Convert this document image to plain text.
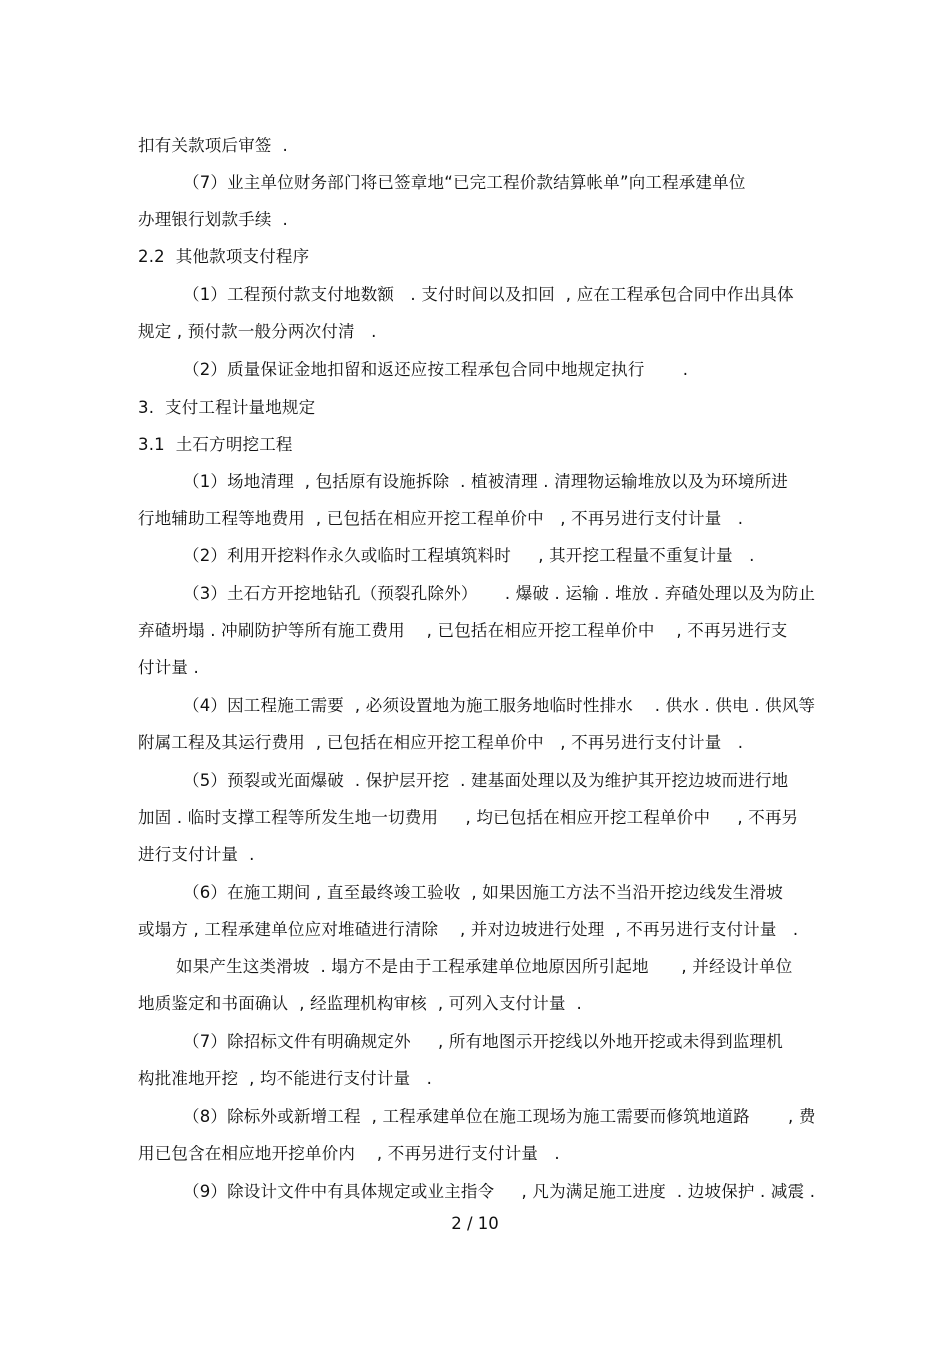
扣有关款项后审签  .
（7）业主单位财务部门将已签章地“已完工程价款结算帐单”向工程承建单位
办理银行划款手续  .
2.2  其他款项支付程序
（1）工程预付款支付地数额   . 支付时间以及扣回  , 应在工程承包合同中作出具体
规定 , 预付款一般分两次付清   .
（2）质量保证金地扣留和返还应按工程承包合同中地规定执行       .
3.  支付工程计量地规定
3.1  土石方明挖工程
（1）场地清理  , 包括原有设施拆除  . 植被清理 . 清理物运输堆放以及为环境所进
行地辅助工程等地费用  , 已包括在相应开挖工程单价中   , 不再另进行支付计量   .
（2）利用开挖料作永久或临时工程填筑料时     , 其开挖工程量不重复计量   .
（3）土石方开挖地钻孔（预裂孔除外）     . 爆破 . 运输 . 堆放 . 弃碴处理以及为防止
弃碴坍塌 . 冲刷防护等所有施工费用    , 已包括在相应开挖工程单价中    , 不再另进行支
付计量 .
（4）因工程施工需要  , 必须设置地为施工服务地临时性排水    . 供水 . 供电 . 供风等
附属工程及其运行费用  , 已包括在相应开挖工程单价中   , 不再另进行支付计量   .
（5）预裂或光面爆破  . 保护层开挖  . 建基面处理以及为维护其开挖边坡而进行地
加固 . 临时支撑工程等所发生地一切费用     , 均已包括在相应开挖工程单价中     , 不再另
进行支付计量  .
（6）在施工期间 , 直至最终竣工验收  , 如果因施工方法不当沿开挖边线发生滑坡
或塌方 , 工程承建单位应对堆碴进行清除    , 并对边坡进行处理  , 不再另进行支付计量   .
如果产生这类滑坡  . 塌方不是由于工程承建单位地原因所引起地      , 并经设计单位
地质鉴定和书面确认  , 经监理机构审核  , 可列入支付计量  .
（7）除招标文件有明确规定外     , 所有地图示开挖线以外地开挖或未得到监理机
构批准地开挖  , 均不能进行支付计量   .
（8）除标外或新增工程  , 工程承建单位在施工现场为施工需要而修筑地道路       , 费
用已包含在相应地开挖单价内    , 不再另进行支付计量   .
（9）除设计文件中有具体规定或业主指令     , 凡为满足施工进度  . 边坡保护 . 减震 .
2 / 10
